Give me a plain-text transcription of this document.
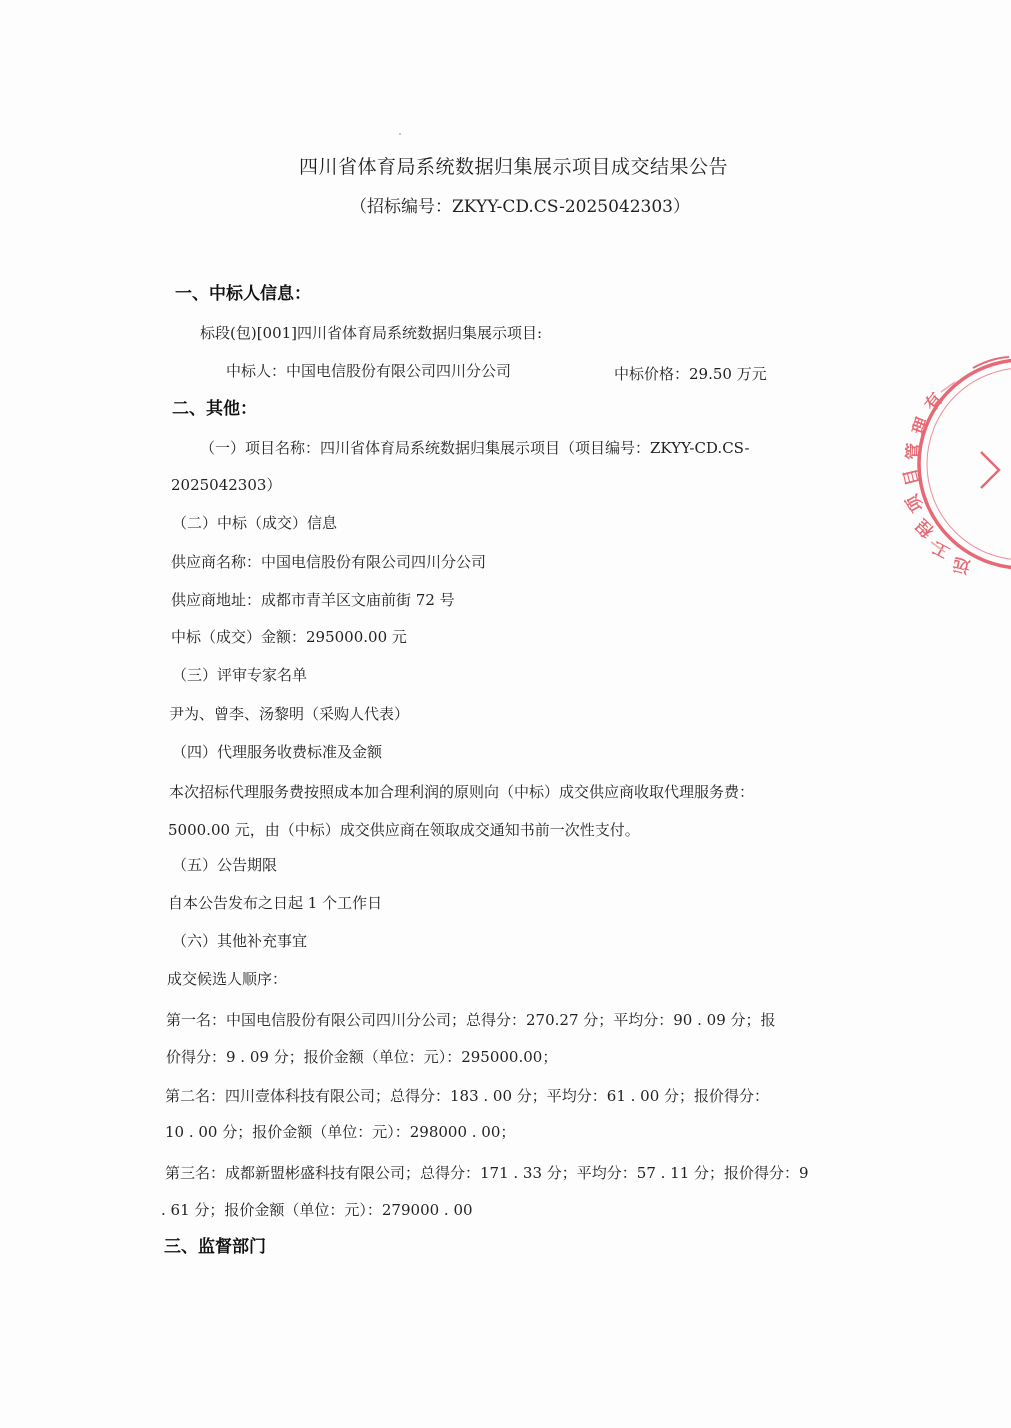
四川省体育局系统数据归集展示项目成交结果公告
（招标编号：ZKYY-CD.CS-2025042303）
一、中标人信息：
标段(包)[001]四川省体育局系统数据归集展示项目:
中标人：中国电信股份有限公司四川分公司	中标价格：29.50 万元
二、其他：
（一）项目名称：四川省体育局系统数据归集展示项目（项目编号：ZKYY-CD.CS-
2025042303）
（二）中标（成交）信息
供应商名称：中国电信股份有限公司四川分公司
供应商地址：成都市青羊区文庙前街 72 号
中标（成交）金额：295000.00 元
（三）评审专家名单
尹为、曾李、汤黎明（采购人代表）
（四）代理服务收费标准及金额
本次招标代理服务费按照成本加合理利润的原则向（中标）成交供应商收取代理服务费：
5000.00 元，由（中标）成交供应商在领取成交通知书前一次性支付。
（五）公告期限
自本公告发布之日起 1 个工作日
（六）其他补充事宜
成交候选人顺序：
第一名：中国电信股份有限公司四川分公司；总得分：270.27 分；平均分：90 . 09 分；报
价得分：9 . 09 分；报价金额（单位：元）：295000.00；
第二名：四川壹体科技有限公司；总得分：183 . 00 分；平均分：61 . 00 分；报价得分：
10 . 00 分；报价金额（单位：元）：298000 . 00；
第三名：成都新盟彬盛科技有限公司；总得分：171 . 33 分；平均分：57 . 11 分；报价得分：9
. 61 分；报价金额（单位：元）：279000 . 00
三、监督部门
有
理
管
目
项
程
工
远
